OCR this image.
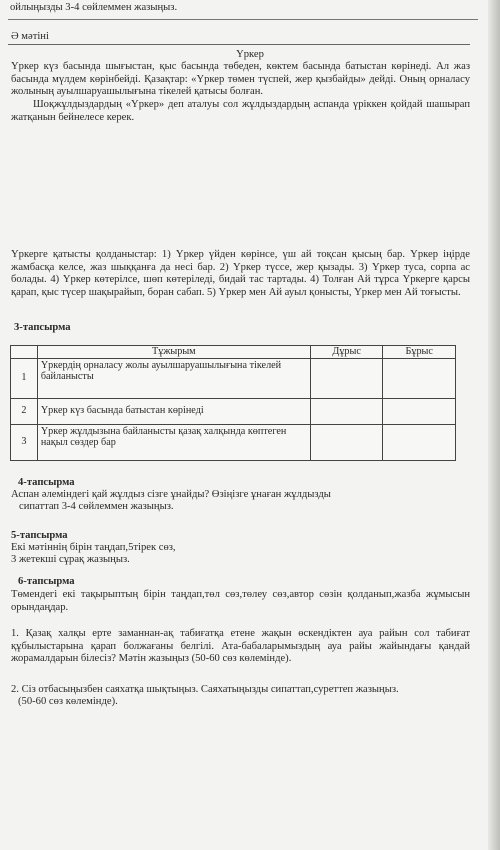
ойлыңызды 3-4 сөйлеммен жазыңыз.
Ә мәтіні
Үркер
Үркер күз басында шығыстан, қыс басында төбеден, көктем басында батыстан көрінеді. Ал жаз басында мүлдем көрінбейді. Қазақтар: «Үркер төмен түспей, жер қызбайды» дейді. Оның орналасу жолының ауылшаруашылығына тікелей қатысы болған.
Шоқжұлдыздардың «Үркер» деп аталуы сол жұлдыздардың аспанда үріккен қойдай шашырап жатқанын бейнелесе керек.
Үркерге қатысты қолданыстар: 1) Үркер үйден көрінсе, үш ай тоқсан қысың бар. Үркер іңірде жамбасқа келсе, жаз шыққанға да несі бар. 2) Үркер түссе, жер қызады. 3) Үркер туса, сорпа ас болады. 4) Үркер көтерілсе, шөп көтеріледі, бидай тас тартады. 4) Толған Ай тұрса Үркерге қарсы қарап, қыс түсер шақырайып, боран сабап. 5) Үркер мен Ай ауыл қонысты, Үркер мен Ай тоғысты.
3-тапсырма
	Тұжырым	Дұрыс	Бұрыс
1	Үркердің орналасу жолы ауылшаруашылығына тікелей байланысты		
2	Үркер күз басында батыстан көрінеді		
3	Үркер жұлдызына байланысты қазақ халқында көптеген нақыл сөздер бар		
4-тапсырма
Аспан әлеміндегі қай жұлдыз сізге ұнайды? Өзіңізге ұнаған жұлдызды
сипаттап 3-4 сөйлеммен жазыңыз.
5-тапсырма
Екі мәтіннің бірін таңдап,5тірек сөз,
3 жетекші сұрақ жазыңыз.
6-тапсырма
Төмендегі екі тақырыптың бірін таңдап,төл сөз,төлеу сөз,автор сөзін қолданып,жазба жұмысын орындаңдар.
1. Қазақ халқы ерте заманнан-ақ табиғатқа етене жақын өскендіктен ауа райын сол табиғат құбылыстарына қарап болжағаны белгілі. Ата-бабаларымыздың ауа райы жайындағы қандай жорамалдарын білесіз? Мәтін жазыңыз (50-60 сөз көлемінде).
2. Сіз отбасыңызбен саяхатқа шықтыңыз. Саяхатыңызды сипаттап,суреттеп жазыңыз.
(50-60 сөз көлемінде).
